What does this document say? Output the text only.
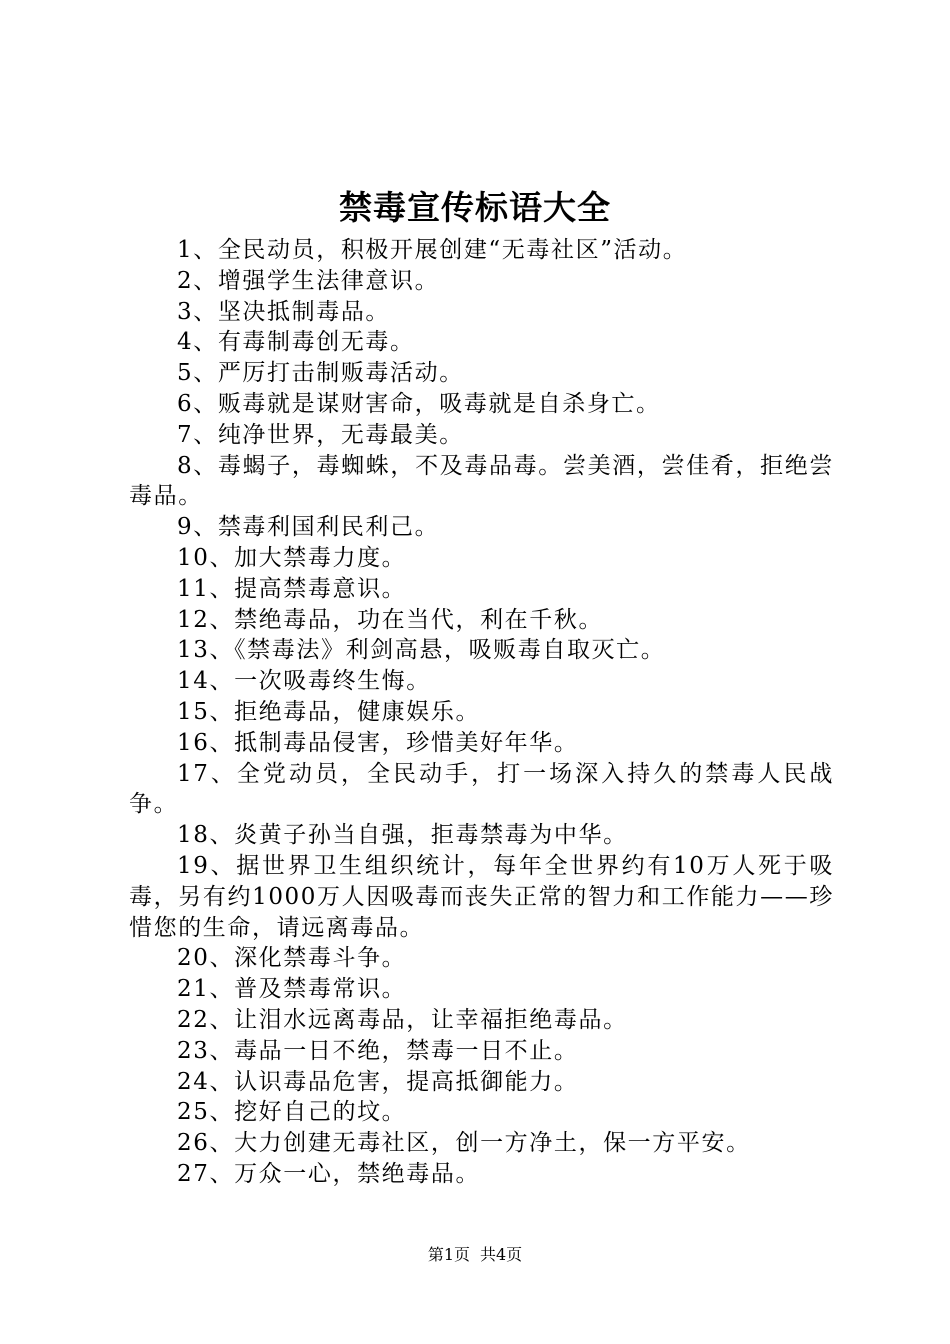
禁毒宣传标语大全

1、全民动员，积极开展创建“无毒社区”活动。

2、增强学生法律意识。

3、坚决抵制毒品。

4、有毒制毒创无毒。

5、严厉打击制贩毒活动。

6、贩毒就是谋财害命，吸毒就是自杀身亡。

7、纯净世界，无毒最美。

8、毒蝎子，毒蜘蛛，不及毒品毒。尝美酒，尝佳肴，拒绝尝毒品。

9、禁毒利国利民利己。

10、加大禁毒力度。

11、提高禁毒意识。

12、禁绝毒品，功在当代，利在千秋。

13、《禁毒法》利剑高悬，吸贩毒自取灭亡。

14、一次吸毒终生悔。

15、拒绝毒品，健康娱乐。

16、抵制毒品侵害，珍惜美好年华。

17、全党动员，全民动手，打一场深入持久的禁毒人民战争。

18、炎黄子孙当自强，拒毒禁毒为中华。

19、据世界卫生组织统计，每年全世界约有10万人死于吸毒，另有约1000万人因吸毒而丧失正常的智力和工作能力——珍惜您的生命，请远离毒品。

20、深化禁毒斗争。

21、普及禁毒常识。

22、让泪水远离毒品，让幸福拒绝毒品。

23、毒品一日不绝，禁毒一日不止。

24、认识毒品危害，提高抵御能力。

25、挖好自己的坟。

26、大力创建无毒社区，创一方净土，保一方平安。

27、万众一心，禁绝毒品。

第1页 共4页
